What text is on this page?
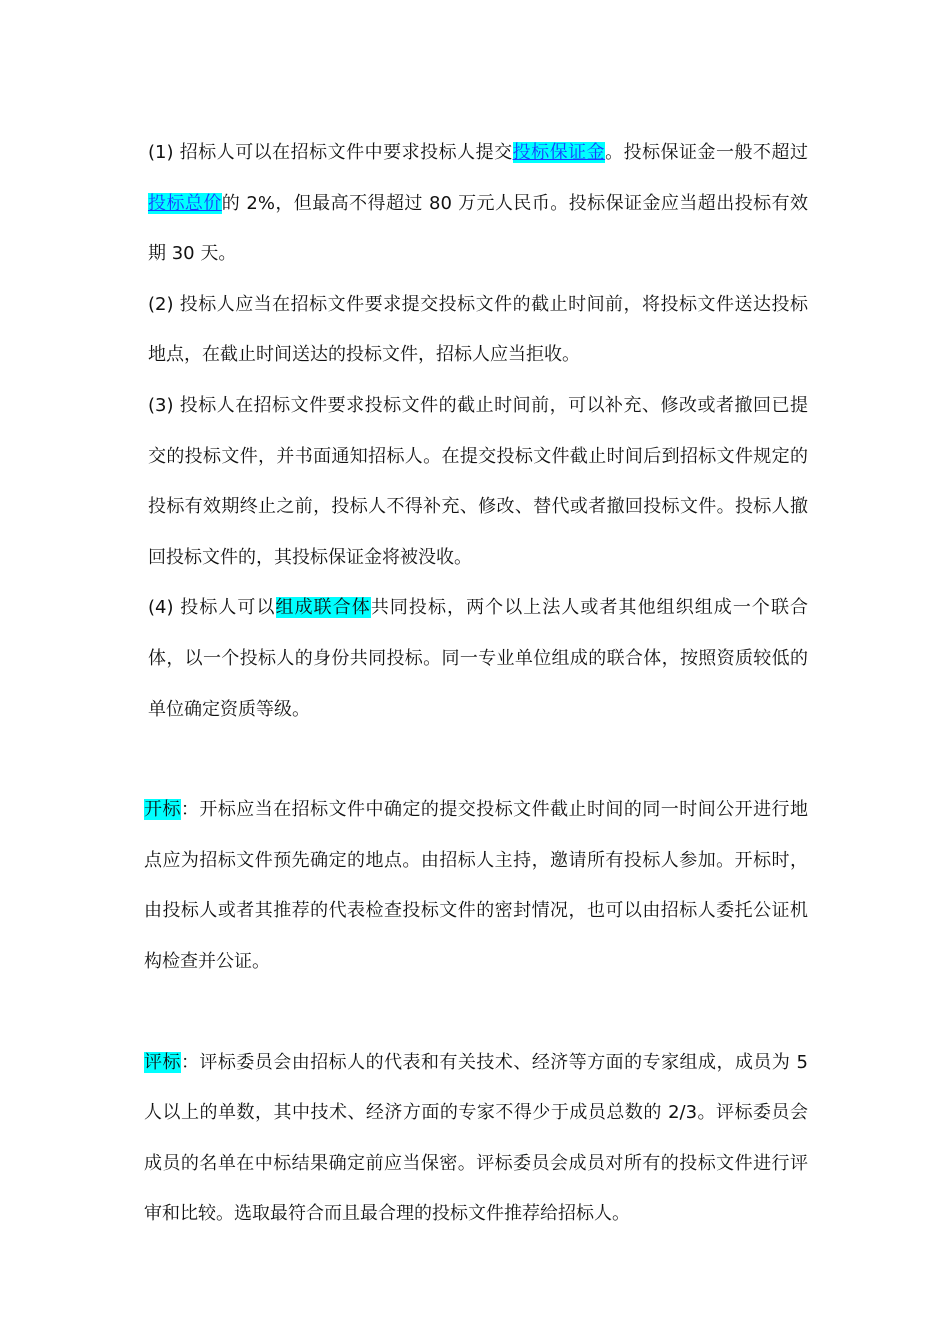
(1) 招标人可以在招标文件中要求投标人提交投标保证金。投标保证金一般不超过投标总价的 2%，但最高不得超过 80 万元人民币。投标保证金应当超出投标有效期 30 天。

(2) 投标人应当在招标文件要求提交投标文件的截止时间前，将投标文件送达投标地点，在截止时间送达的投标文件，招标人应当拒收。

(3) 投标人在招标文件要求投标文件的截止时间前，可以补充、修改或者撤回已提交的投标文件，并书面通知招标人。在提交投标文件截止时间后到招标文件规定的投标有效期终止之前，投标人不得补充、修改、替代或者撤回投标文件。投标人撤回投标文件的，其投标保证金将被没收。

(4) 投标人可以组成联合体共同投标，两个以上法人或者其他组织组成一个联合体，以一个投标人的身份共同投标。同一专业单位组成的联合体，按照资质较低的单位确定资质等级。

开标：开标应当在招标文件中确定的提交投标文件截止时间的同一时间公开进行地点应为招标文件预先确定的地点。由招标人主持，邀请所有投标人参加。开标时，由投标人或者其推荐的代表检查投标文件的密封情况，也可以由招标人委托公证机构检查并公证。

评标：评标委员会由招标人的代表和有关技术、经济等方面的专家组成，成员为 5 人以上的单数，其中技术、经济方面的专家不得少于成员总数的 2/3。评标委员会成员的名单在中标结果确定前应当保密。评标委员会成员对所有的投标文件进行评审和比较。选取最符合而且最合理的投标文件推荐给招标人。
